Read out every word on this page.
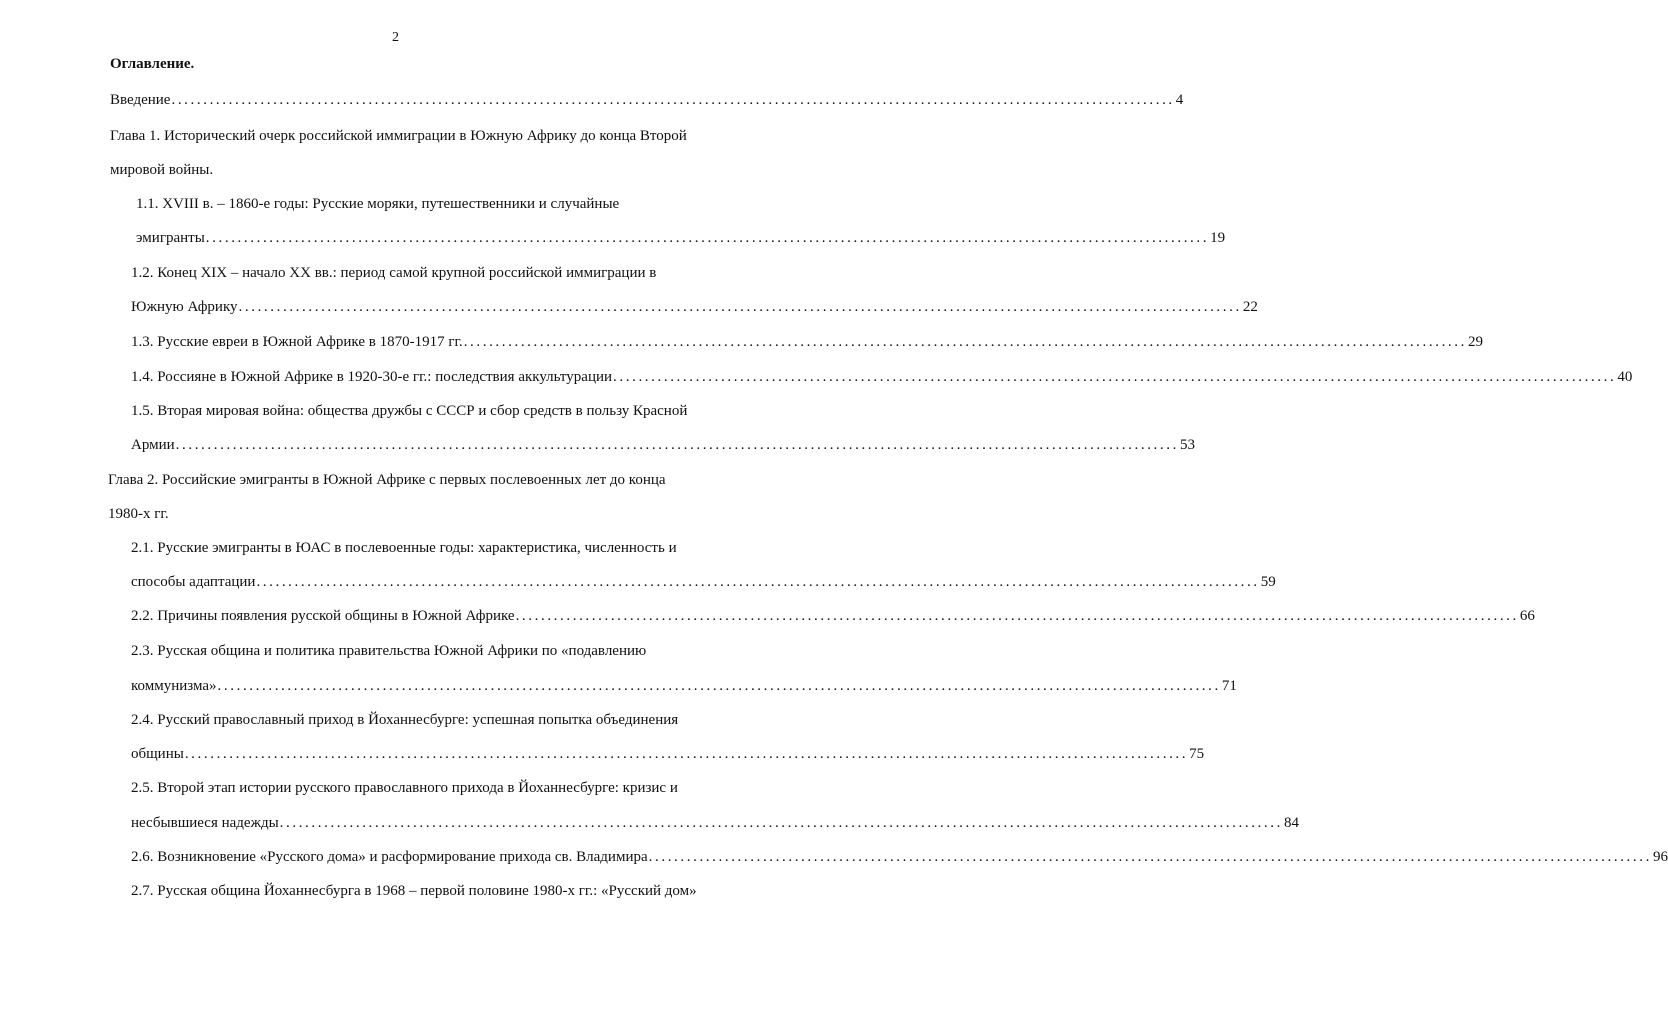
2
Оглавление.
Введение .............................................................................................................................................................. 4
Глава 1. Исторический очерк российской иммиграции в Южную Африку до конца Второй
мировой войны.
1.1. XVIII в. – 1860-е годы: Русские моряки, путешественники и случайные
эмигранты .............................................................................................................................................................. 19
1.2. Конец XIX – начало XX вв.: период самой крупной российской иммиграции в
Южную Африку .............................................................................................................................................................. 22
1.3. Русские евреи в Южной Африке в 1870-1917 гг. .............................................................................................................................................................. 29
1.4. Россияне в Южной Африке в 1920-30-е гг.: последствия аккультурации .............................................................................................................................................................. 40
1.5. Вторая мировая война: общества дружбы с СССР и сбор средств в пользу Красной
Армии .............................................................................................................................................................. 53
Глава 2. Российские эмигранты в Южной Африке с первых послевоенных лет до конца
1980-х гг.
2.1. Русские эмигранты в ЮАС в послевоенные годы: характеристика, численность и
способы адаптации .............................................................................................................................................................. 59
2.2. Причины появления русской общины в Южной Африке .............................................................................................................................................................. 66
2.3. Русская община и политика правительства Южной Африки по «подавлению
коммунизма» .............................................................................................................................................................. 71
2.4. Русский православный приход в Йоханнесбурге: успешная попытка объединения
общины .............................................................................................................................................................. 75
2.5. Второй этап истории русского православного прихода в Йоханнесбурге: кризис и
несбывшиеся надежды .............................................................................................................................................................. 84
2.6. Возникновение «Русского дома» и расформирование прихода св. Владимира .............................................................................................................................................................. 96
2.7. Русская община Йоханнесбурга в 1968 – первой половине 1980-х гг.: «Русский дом»
